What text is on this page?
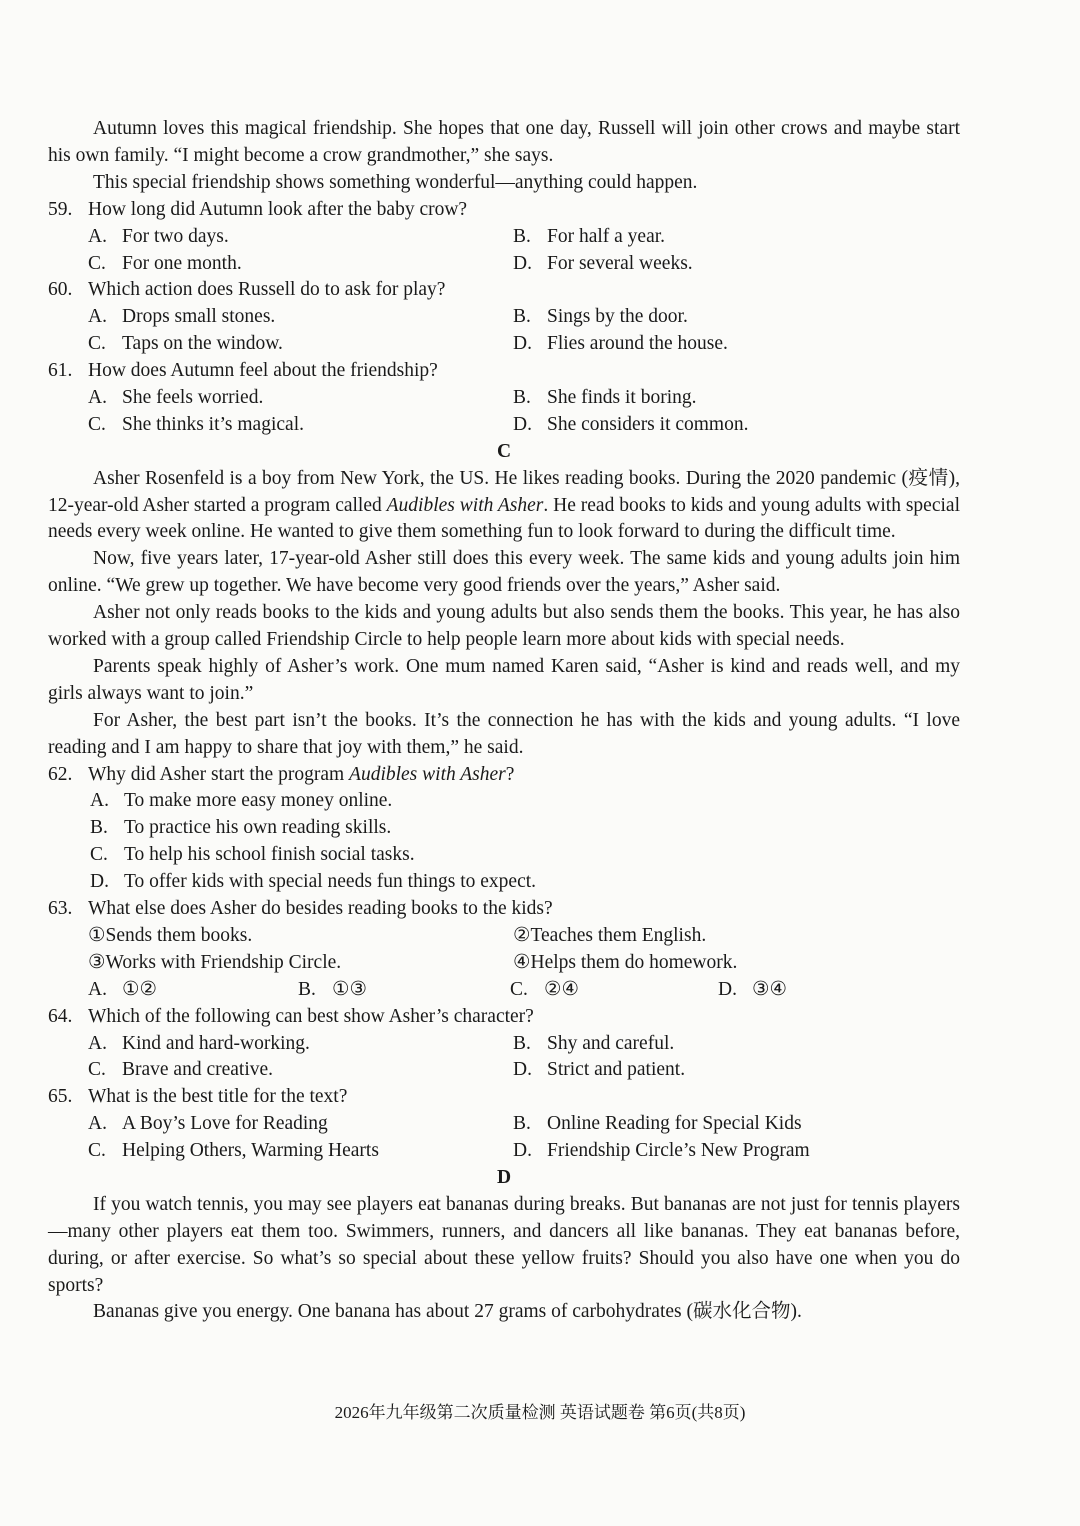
Autumn loves this magical friendship. She hopes that one day, Russell will join other crows and maybe start his own family. “I might become a crow grandmother,” she says.

This special friendship shows something wonderful—anything could happen.

59. How long did Autumn look after the baby crow?
A. For two days.	B. For half a year.
C. For one month.	D. For several weeks.
60. Which action does Russell do to ask for play?
A. Drops small stones.	B. Sings by the door.
C. Taps on the window.	D. Flies around the house.
61. How does Autumn feel about the friendship?
A. She feels worried.	B. She finds it boring.
C. She thinks it’s magical.	D. She considers it common.
C

Asher Rosenfeld is a boy from New York, the US. He likes reading books. During the 2020 pandemic (疫情), 12-year-old Asher started a program called Audibles with Asher. He read books to kids and young adults with special needs every week online. He wanted to give them something fun to look forward to during the difficult time.

Now, five years later, 17-year-old Asher still does this every week. The same kids and young adults join him online. “We grew up together. We have become very good friends over the years,” Asher said.

Asher not only reads books to the kids and young adults but also sends them the books. This year, he has also worked with a group called Friendship Circle to help people learn more about kids with special needs.

Parents speak highly of Asher’s work. One mum named Karen said, “Asher is kind and reads well, and my girls always want to join.”

For Asher, the best part isn’t the books. It’s the connection he has with the kids and young adults. “I love reading and I am happy to share that joy with them,” he said.

62. Why did Asher start the program Audibles with Asher?
A. To make more easy money online.
B. To practice his own reading skills.
C. To help his school finish social tasks.
D. To offer kids with special needs fun things to expect.
63. What else does Asher do besides reading books to the kids?
①Sends them books.	②Teaches them English.
③Works with Friendship Circle.	④Helps them do homework.
A. ①②	B. ①③	C. ②④	D. ③④
64. Which of the following can best show Asher’s character?
A. Kind and hard-working.	B. Shy and careful.
C. Brave and creative.	D. Strict and patient.
65. What is the best title for the text?
A. A Boy’s Love for Reading	B. Online Reading for Special Kids
C. Helping Others, Warming Hearts	D. Friendship Circle’s New Program
D

If you watch tennis, you may see players eat bananas during breaks. But bananas are not just for tennis players—many other players eat them too. Swimmers, runners, and dancers all like bananas. They eat bananas before, during, or after exercise. So what’s so special about these yellow fruits? Should you also have one when you do sports?

Bananas give you energy. One banana has about 27 grams of carbohydrates (碳水化合物).

2026年九年级第二次质量检测 英语试题卷 第6页(共8页)
